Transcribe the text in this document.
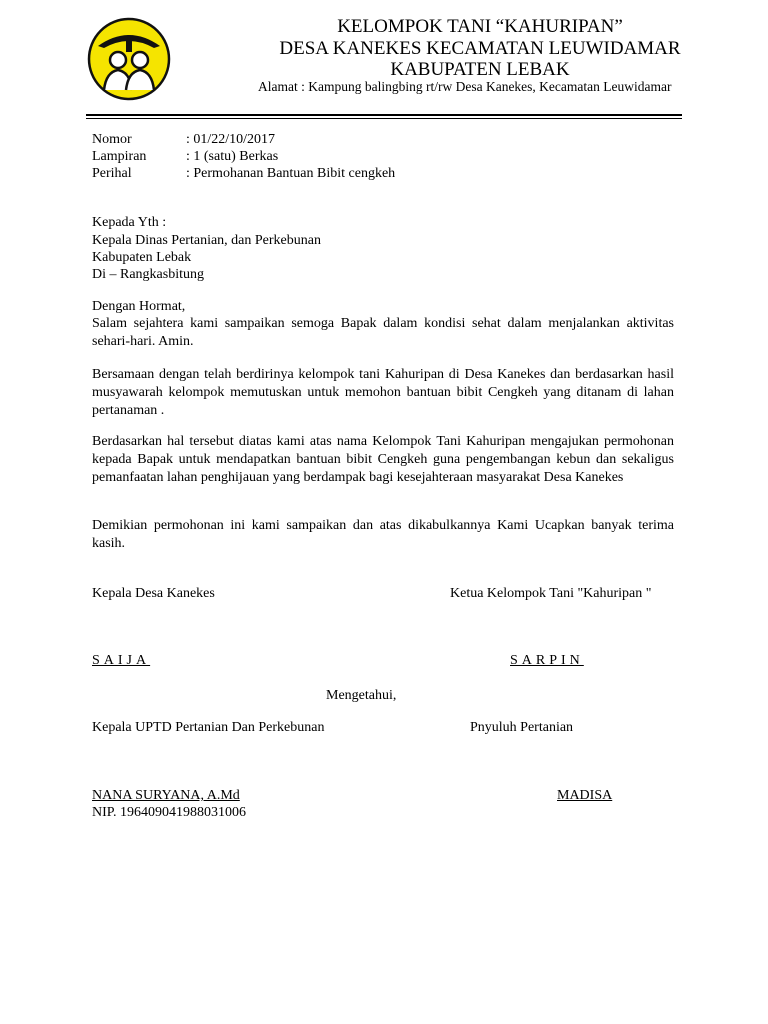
KELOMPOK TANI “KAHURIPAN”
DESA KANEKES KECAMATAN LEUWIDAMAR
KABUPATEN LEBAK
Alamat : Kampung balingbing rt/rw Desa Kanekes, Kecamatan Leuwidamar
Nomor	: 01/22/10/2017
Lampiran	: 1 (satu) Berkas
Perihal	: Permohanan Bantuan Bibit cengkeh
Kepada Yth :
Kepala Dinas Pertanian, dan Perkebunan
Kabupaten Lebak
Di – Rangkasbitung
Dengan Hormat,

Salam sejahtera kami sampaikan semoga Bapak dalam kondisi sehat dalam menjalankan aktivitas sehari-hari. Amin.

Bersamaan dengan telah berdirinya kelompok tani Kahuripan di Desa Kanekes dan berdasarkan hasil musyawarah kelompok memutuskan untuk memohon bantuan bibit Cengkeh yang ditanam di lahan pertanaman .

Berdasarkan hal tersebut diatas kami atas nama Kelompok Tani Kahuripan mengajukan permohonan kepada Bapak untuk mendapatkan bantuan bibit Cengkeh guna pengembangan kebun dan sekaligus pemanfaatan lahan penghijauan yang berdampak bagi kesejahteraan masyarakat Desa Kanekes

Demikian permohonan ini kami sampaikan dan atas dikabulkannya Kami Ucapkan banyak terima kasih.

Kepala Desa Kanekes	Ketua Kelompok Tani "Kahuripan "
SAIJA	SARPIN
Mengetahui,
Kepala UPTD Pertanian Dan Perkebunan	Pnyuluh Pertanian
NANA SURYANA, A.Md
NIP. 196409041988031006
MADISA
